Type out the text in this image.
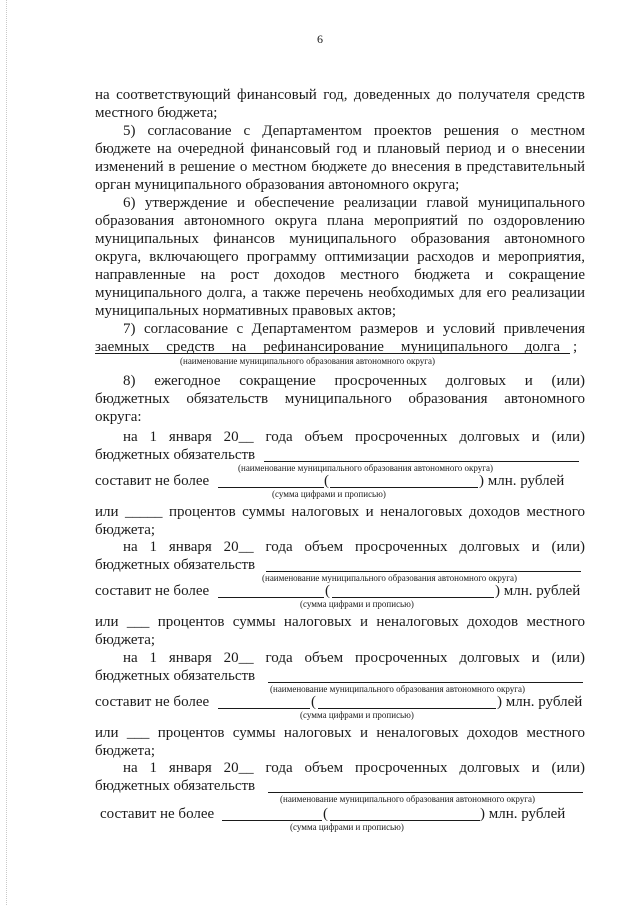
6
на соответствующий финансовый год, доведенных до получателя средств
местного бюджета;
5) согласование с Департаментом проектов решения о местном
бюджете на очередной финансовый год и плановый период и о внесении
изменений в решение о местном бюджете до внесения в представительный
орган муниципального образования автономного округа;
6) утверждение и обеспечение реализации главой муниципального
образования автономного округа плана мероприятий по оздоровлению
муниципальных финансов муниципального образования автономного
округа, включающего программу оптимизации расходов и мероприятия,
направленные на рост доходов местного бюджета и сокращение
муниципального долга, а также перечень необходимых для его реализации
муниципальных нормативных правовых актов;
7) согласование с Департаментом размеров и условий привлечения
заемных средств на рефинансирование муниципального долга ;
(наименование муниципального образования автономного округа)
8) ежегодное сокращение просроченных долговых и (или)
бюджетных обязательств муниципального образования автономного
округа:
на 1 января 20__ года объем просроченных долговых и (или)
бюджетных обязательств
(наименование муниципального образования автономного округа)
составит не более	(	) млн. рублей
(сумма цифрами и прописью)
или _____ процентов суммы налоговых и неналоговых доходов местного
бюджета;
на 1 января 20__ года объем просроченных долговых и (или)
бюджетных обязательств
(наименование муниципального образования автономного округа)
составит не более	(	) млн. рублей
(сумма цифрами и прописью)
или ___ процентов суммы налоговых и неналоговых доходов местного
бюджета;
на 1 января 20__ года объем просроченных долговых и (или)
бюджетных обязательств
(наименование муниципального образования автономного округа)
составит не более	(	) млн. рублей
(сумма цифрами и прописью)
или ___ процентов суммы налоговых и неналоговых доходов местного
бюджета;
на 1 января 20__ года объем просроченных долговых и (или)
бюджетных обязательств
(наименование муниципального образования автономного округа)
составит не более	(	) млн. рублей
(сумма цифрами и прописью)
